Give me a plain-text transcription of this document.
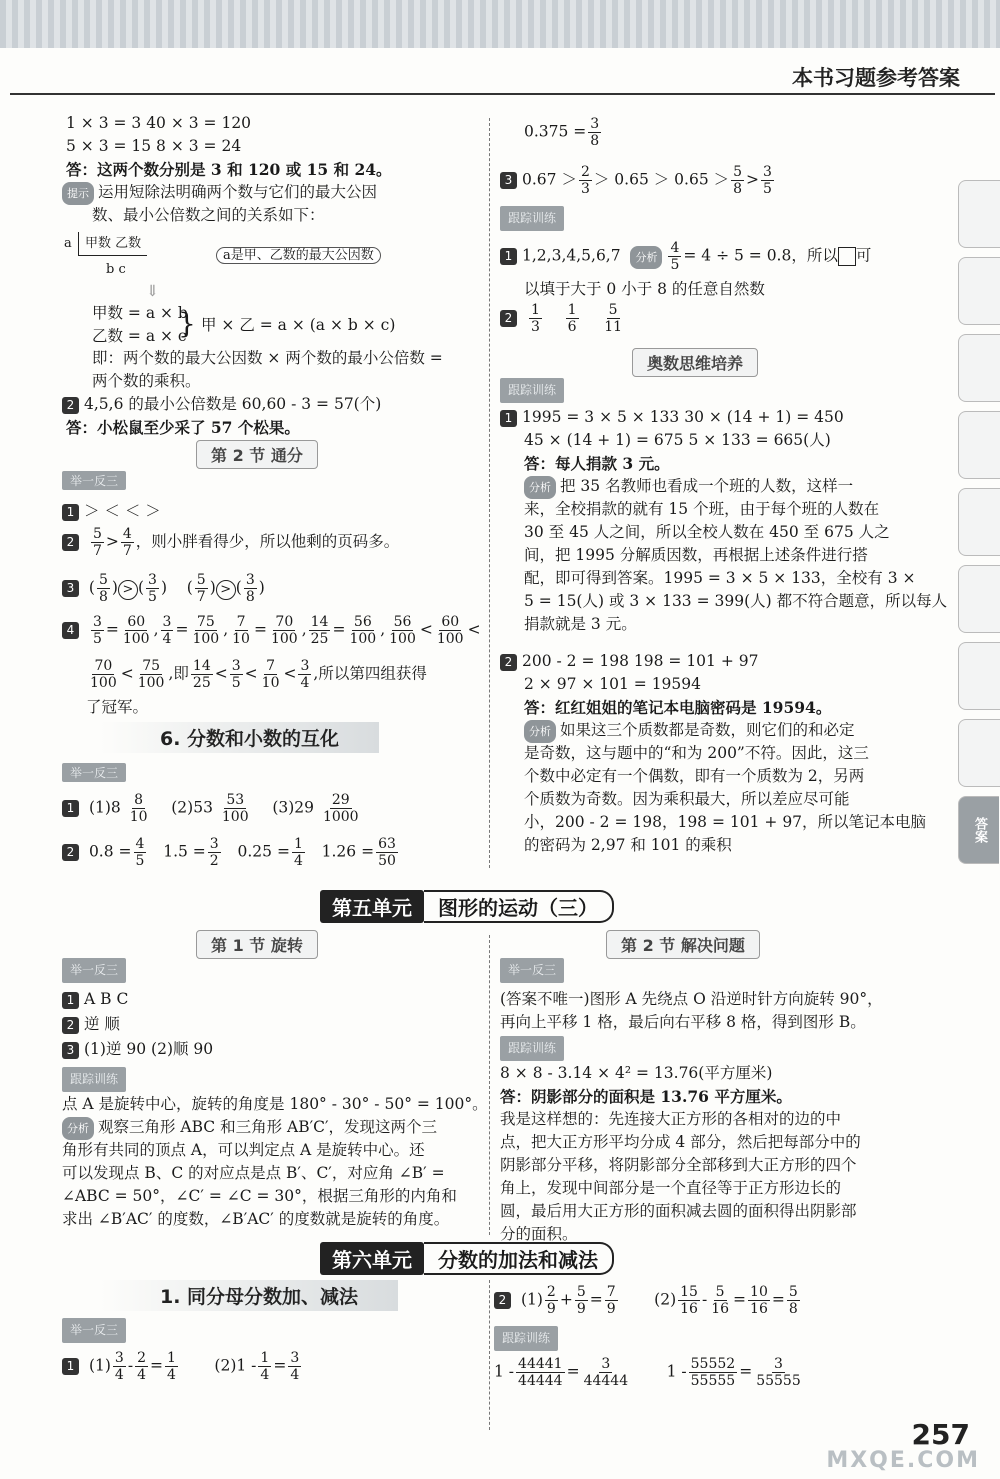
本书习题参考答案
答案
1 × 3 = 3 40 × 3 = 120
5 × 3 = 15 8 × 3 = 24
答：这两个数分别是 3 和 120 或 15 和 24。
提示 运用短除法明确两个数与它们的最大公因
数、最小公倍数之间的关系如下：
a	甲数 乙数
b c
a是甲、乙数的最大公因数
⇓
甲数 = a × b
乙数 = a × c
} 甲 × 乙 = a × (a × b × c)
即：两个数的最大公因数 × 两个数的最小公倍数 =
两个数的乘积。
2 4,5,6 的最小公倍数是 60,60 - 3 = 57(个)
答：小松鼠至少采了 57 个松果。
第 2 节 通分
举一反三
1 ＞ ＜ ＜ ＞
$2 \frac{5}{7} > \frac{4}{7}$ ，则小胖看得少，所以他剩的页码多。
3 ( $\frac{5}{8}$ ) > ( $\frac{3}{5}$ )    ( $\frac{5}{7}$ ) > ( $\frac{3}{8}$ )
$4 \frac{3}{5} = \frac{60}{100}$ , $\frac{3}{4} = \frac{75}{100}$ , $\frac{7}{10} = \frac{70}{100}$ , $\frac{14}{25} = \frac{56}{100}$ , $\frac{56}{100} < \frac{60}{100}$ <
$\frac{70}{100} < \frac{75}{100}$ ,即 $\frac{14}{25} < \frac{3}{5} < \frac{7}{10} < \frac{3}{4}$ ,所以第四组获得
了冠军。
6. 分数和小数的互化
举一反三
1 $(1)8 \frac{8}{10} (2)53 \frac{53}{100} (3)29 \frac{29}{1000}$
2 $0.8 = \frac{4}{5} 1.5 = \frac{3}{2} 0.25 = \frac{1}{4} 1.26 = \frac{63}{50}$
$0.375 = \frac{3}{8}$
3 $0.67 > \frac{2}{3} > 0.65 > 0.65 > \frac{5}{8} > \frac{3}{5}$
跟踪训练
1 1,2,3,4,5,6,7 分析 $\frac{4}{5} = 4 \div 5 = 0.8$，所以 可
以填于大于 0 小于 8 的任意自然数
$2 \frac{1}{3}$
$\frac{1}{6}$
$\frac{5}{11}$
奥数思维培养
跟踪训练
1 1995 = 3 × 5 × 133 30 × (14 + 1) = 450
45 × (14 + 1) = 675 5 × 133 = 665(人)
答：每人捐款 3 元。
分析 把 35 名教师也看成一个班的人数，这样一
来，全校捐款的就有 15 个班，由于每个班的人数在
30 至 45 人之间，所以全校人数在 450 至 675 人之
间，把 1995 分解质因数，再根据上述条件进行搭
配，即可得到答案。1995 = 3 × 5 × 133，全校有 3 ×
5 = 15(人) 或 3 × 133 = 399(人) 都不符合题意，所以每人
捐款就是 3 元。
2 200 - 2 = 198 198 = 101 + 97
2 × 97 × 101 = 19594
答：红红姐姐的笔记本电脑密码是 19594。
分析 如果这三个质数都是奇数，则它们的和必定
是奇数，这与题中的“和为 200”不符。因此，这三
个数中必定有一个偶数，即有一个质数为 2，另两
个质数为奇数。因为乘积最大，所以差应尽可能
小，200 - 2 = 198，198 = 101 + 97，所以笔记本电脑
的密码为 2,97 和 101 的乘积
第五单元	图形的运动（三）
第 1 节 旋转	第 2 节 解决问题
举一反三
1 A B C
2 逆 顺
3 (1)逆 90 (2)顺 90
跟踪训练
点 A 是旋转中心，旋转的角度是 180° - 30° - 50° = 100°。
分析 观察三角形 ABC 和三角形 AB′C′，发现这两个三
角形有共同的顶点 A，可以判定点 A 是旋转中心。还
可以发现点 B、C 的对应点是点 B′、C′，对应角 ∠B′ =
∠ABC = 50°，∠C′ = ∠C = 30°，根据三角形的内角和
求出 ∠B′AC′ 的度数，∠B′AC′ 的度数就是旋转的角度。
举一反三
(答案不唯一)图形 A 先绕点 O 沿逆时针方向旋转 90°，
再向上平移 1 格，最后向右平移 8 格，得到图形 B。
跟踪训练
8 × 8 - 3.14 × 4² = 13.76(平方厘米)
答：阴影部分的面积是 13.76 平方厘米。
我是这样想的：先连接大正方形的各相对的边的中
点，把大正方形平均分成 4 部分，然后把每部分中的
阴影部分平移，将阴影部分全部移到大正方形的四个
角上，发现中间部分是一个直径等于正方形边长的
圆，最后用大正方形的面积减去圆的面积得出阴影部
分的面积。
第六单元	分数的加法和减法
1. 同分母分数加、减法
举一反三
1 $(1) \frac{3}{4} - \frac{2}{4} = \frac{1}{4} (2)1 - \frac{1}{4} = \frac{3}{4}$
2 $(1) \frac{2}{9} + \frac{5}{9} = \frac{7}{9} (2) \frac{15}{16} - \frac{5}{16} = \frac{10}{16} = \frac{5}{8}$
跟踪训练
$1 - \frac{44441}{44444} = \frac{3}{44444} 1 - \frac{55552}{55555} = \frac{3}{55555}$
257
MXQE.COM
